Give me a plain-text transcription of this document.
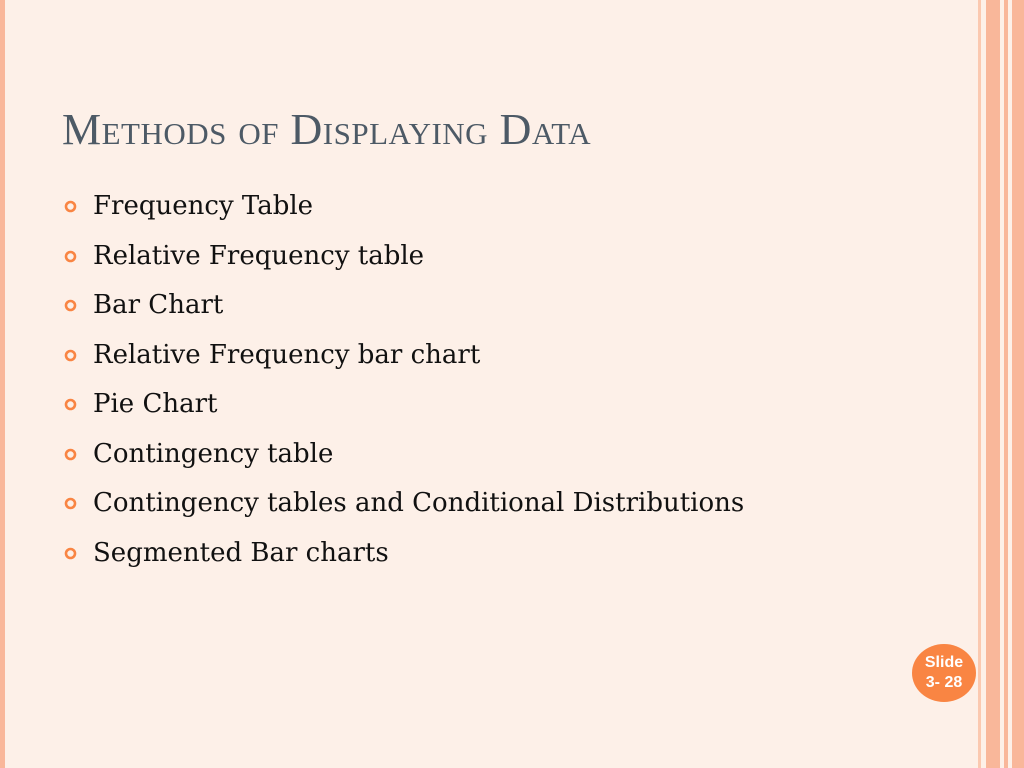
Methods of Displaying Data
Frequency Table
Relative Frequency table
Bar Chart
Relative Frequency bar chart
Pie Chart
Contingency table
Contingency tables and Conditional Distributions
Segmented Bar charts
Slide
3- 28
